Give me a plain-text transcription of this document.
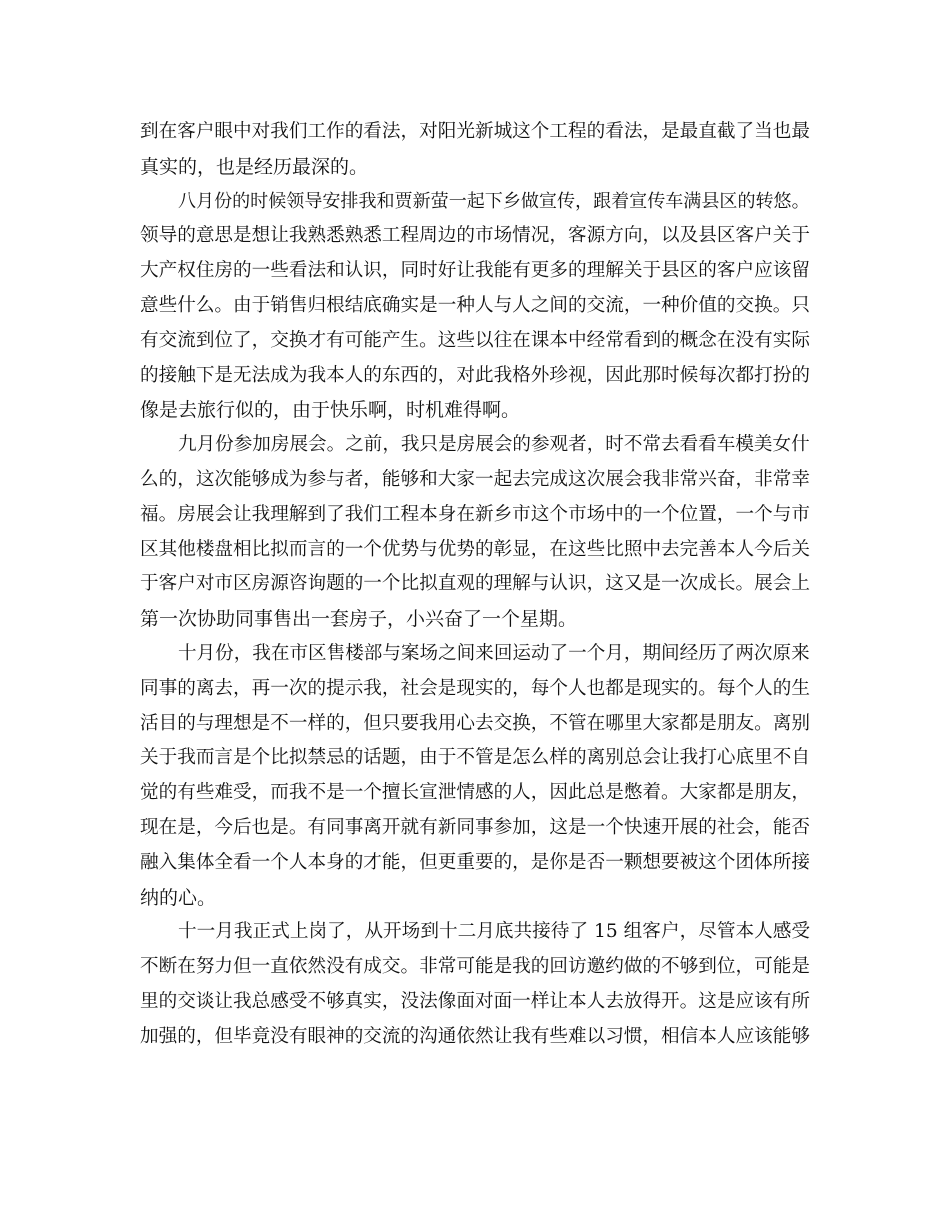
到在客户眼中对我们工作的看法，对阳光新城这个工程的看法，是最直截了当也最
真实的，也是经历最深的。
八月份的时候领导安排我和贾新萤一起下乡做宣传，跟着宣传车满县区的转悠。
领导的意思是想让我熟悉熟悉工程周边的市场情况，客源方向，以及县区客户关于
大产权住房的一些看法和认识，同时好让我能有更多的理解关于县区的客户应该留
意些什么。由于销售归根结底确实是一种人与人之间的交流，一种价值的交换。只
有交流到位了，交换才有可能产生。这些以往在课本中经常看到的概念在没有实际
的接触下是无法成为我本人的东西的，对此我格外珍视，因此那时候每次都打扮的
像是去旅行似的，由于快乐啊，时机难得啊。
九月份参加房展会。之前，我只是房展会的参观者，时不常去看看车模美女什
么的，这次能够成为参与者，能够和大家一起去完成这次展会我非常兴奋，非常幸
福。房展会让我理解到了我们工程本身在新乡市这个市场中的一个位置，一个与市
区其他楼盘相比拟而言的一个优势与优势的彰显，在这些比照中去完善本人今后关
于客户对市区房源咨询题的一个比拟直观的理解与认识，这又是一次成长。展会上
第一次协助同事售出一套房子，小兴奋了一个星期。
十月份，我在市区售楼部与案场之间来回运动了一个月，期间经历了两次原来
同事的离去，再一次的提示我，社会是现实的，每个人也都是现实的。每个人的生
活目的与理想是不一样的，但只要我用心去交换，不管在哪里大家都是朋友。离别
关于我而言是个比拟禁忌的话题，由于不管是怎么样的离别总会让我打心底里不自
觉的有些难受，而我不是一个擅长宣泄情感的人，因此总是憋着。大家都是朋友，
现在是，今后也是。有同事离开就有新同事参加，这是一个快速开展的社会，能否
融入集体全看一个人本身的才能，但更重要的，是你是否一颗想要被这个团体所接
纳的心。
十一月我正式上岗了，从开场到十二月底共接待了 15 组客户，尽管本人感受
不断在努力但一直依然没有成交。非常可能是我的回访邀约做的不够到位，可能是
里的交谈让我总感受不够真实，没法像面对面一样让本人去放得开。这是应该有所
加强的，但毕竟没有眼神的交流的沟通依然让我有些难以习惯，相信本人应该能够
